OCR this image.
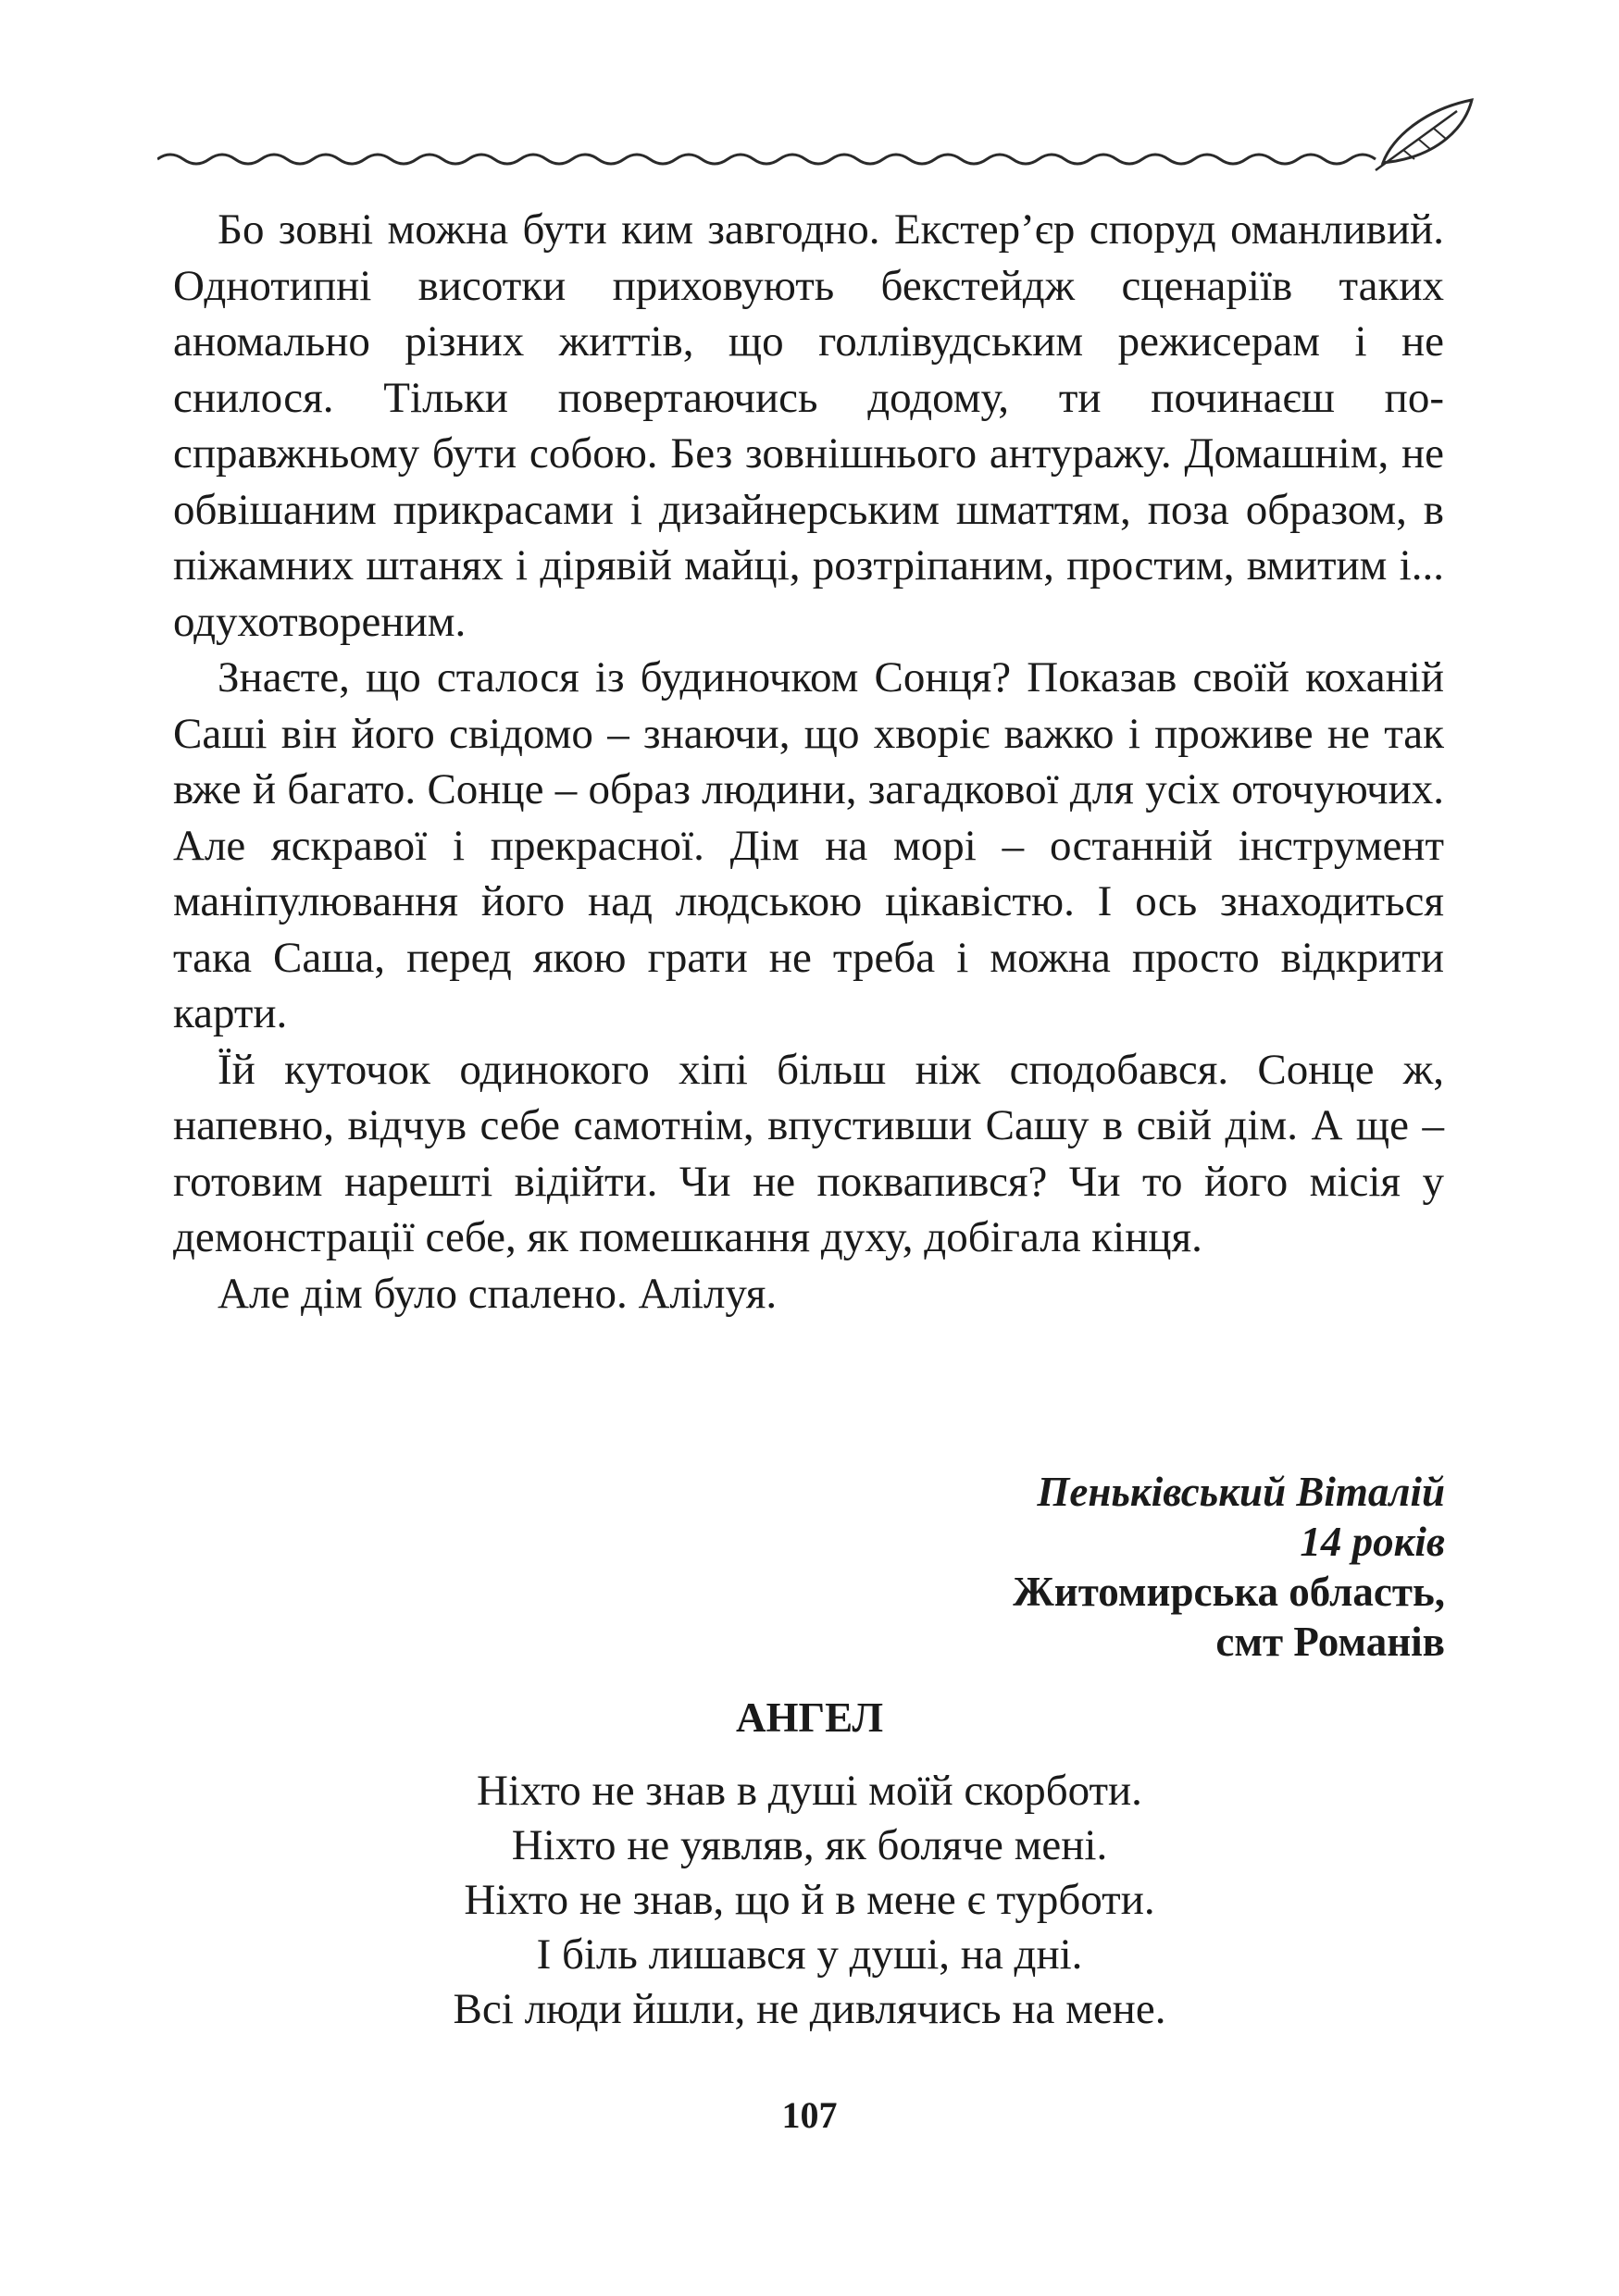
Бо зовні можна бути ким завгодно. Екстер’єр споруд оманливий. Однотипні висотки приховують бекстейдж сценаріїв таких аномально різних життів, що голлівудським режисерам і не снилося. Тільки повертаючись додому, ти починаєш по-справжньому бути собою. Без зовнішнього антуражу. Домашнім, не обвішаним прикрасами і дизайнерським шматтям, поза образом, в піжамних штанях і дірявій майці, розтріпаним, простим, вмитим і... одухотвореним.

Знаєте, що сталося із будиночком Сонця? Показав своїй коханій Саші він його свідомо – знаючи, що хворіє важко і проживе не так вже й багато. Сонце – образ людини, загадкової для усіх оточуючих. Але яскравої і прекрасної. Дім на морі – останній інструмент маніпулювання його над людською цікавістю. І ось знаходиться така Саша, перед якою грати не треба і можна просто відкрити карти.

Їй куточок одинокого хіпі більш ніж сподобався. Сонце ж, напевно, відчув себе самотнім, впустивши Сашу в свій дім. А ще – готовим нарешті відійти. Чи не поквапився? Чи то його місія у демонстрації себе, як помешкання духу, добігала кінця.

Але дім було спалено. Алілуя.

Пеньківський Віталій
14 років
Житомирська область,
смт Романів
АНГЕЛ
Ніхто не знав в душі моїй скорботи.
Ніхто не уявляв, як боляче мені.
Ніхто не знав, що й в мене є турботи.
І біль лишався у душі, на дні.
Всі люди йшли, не дивлячись на мене.
107
